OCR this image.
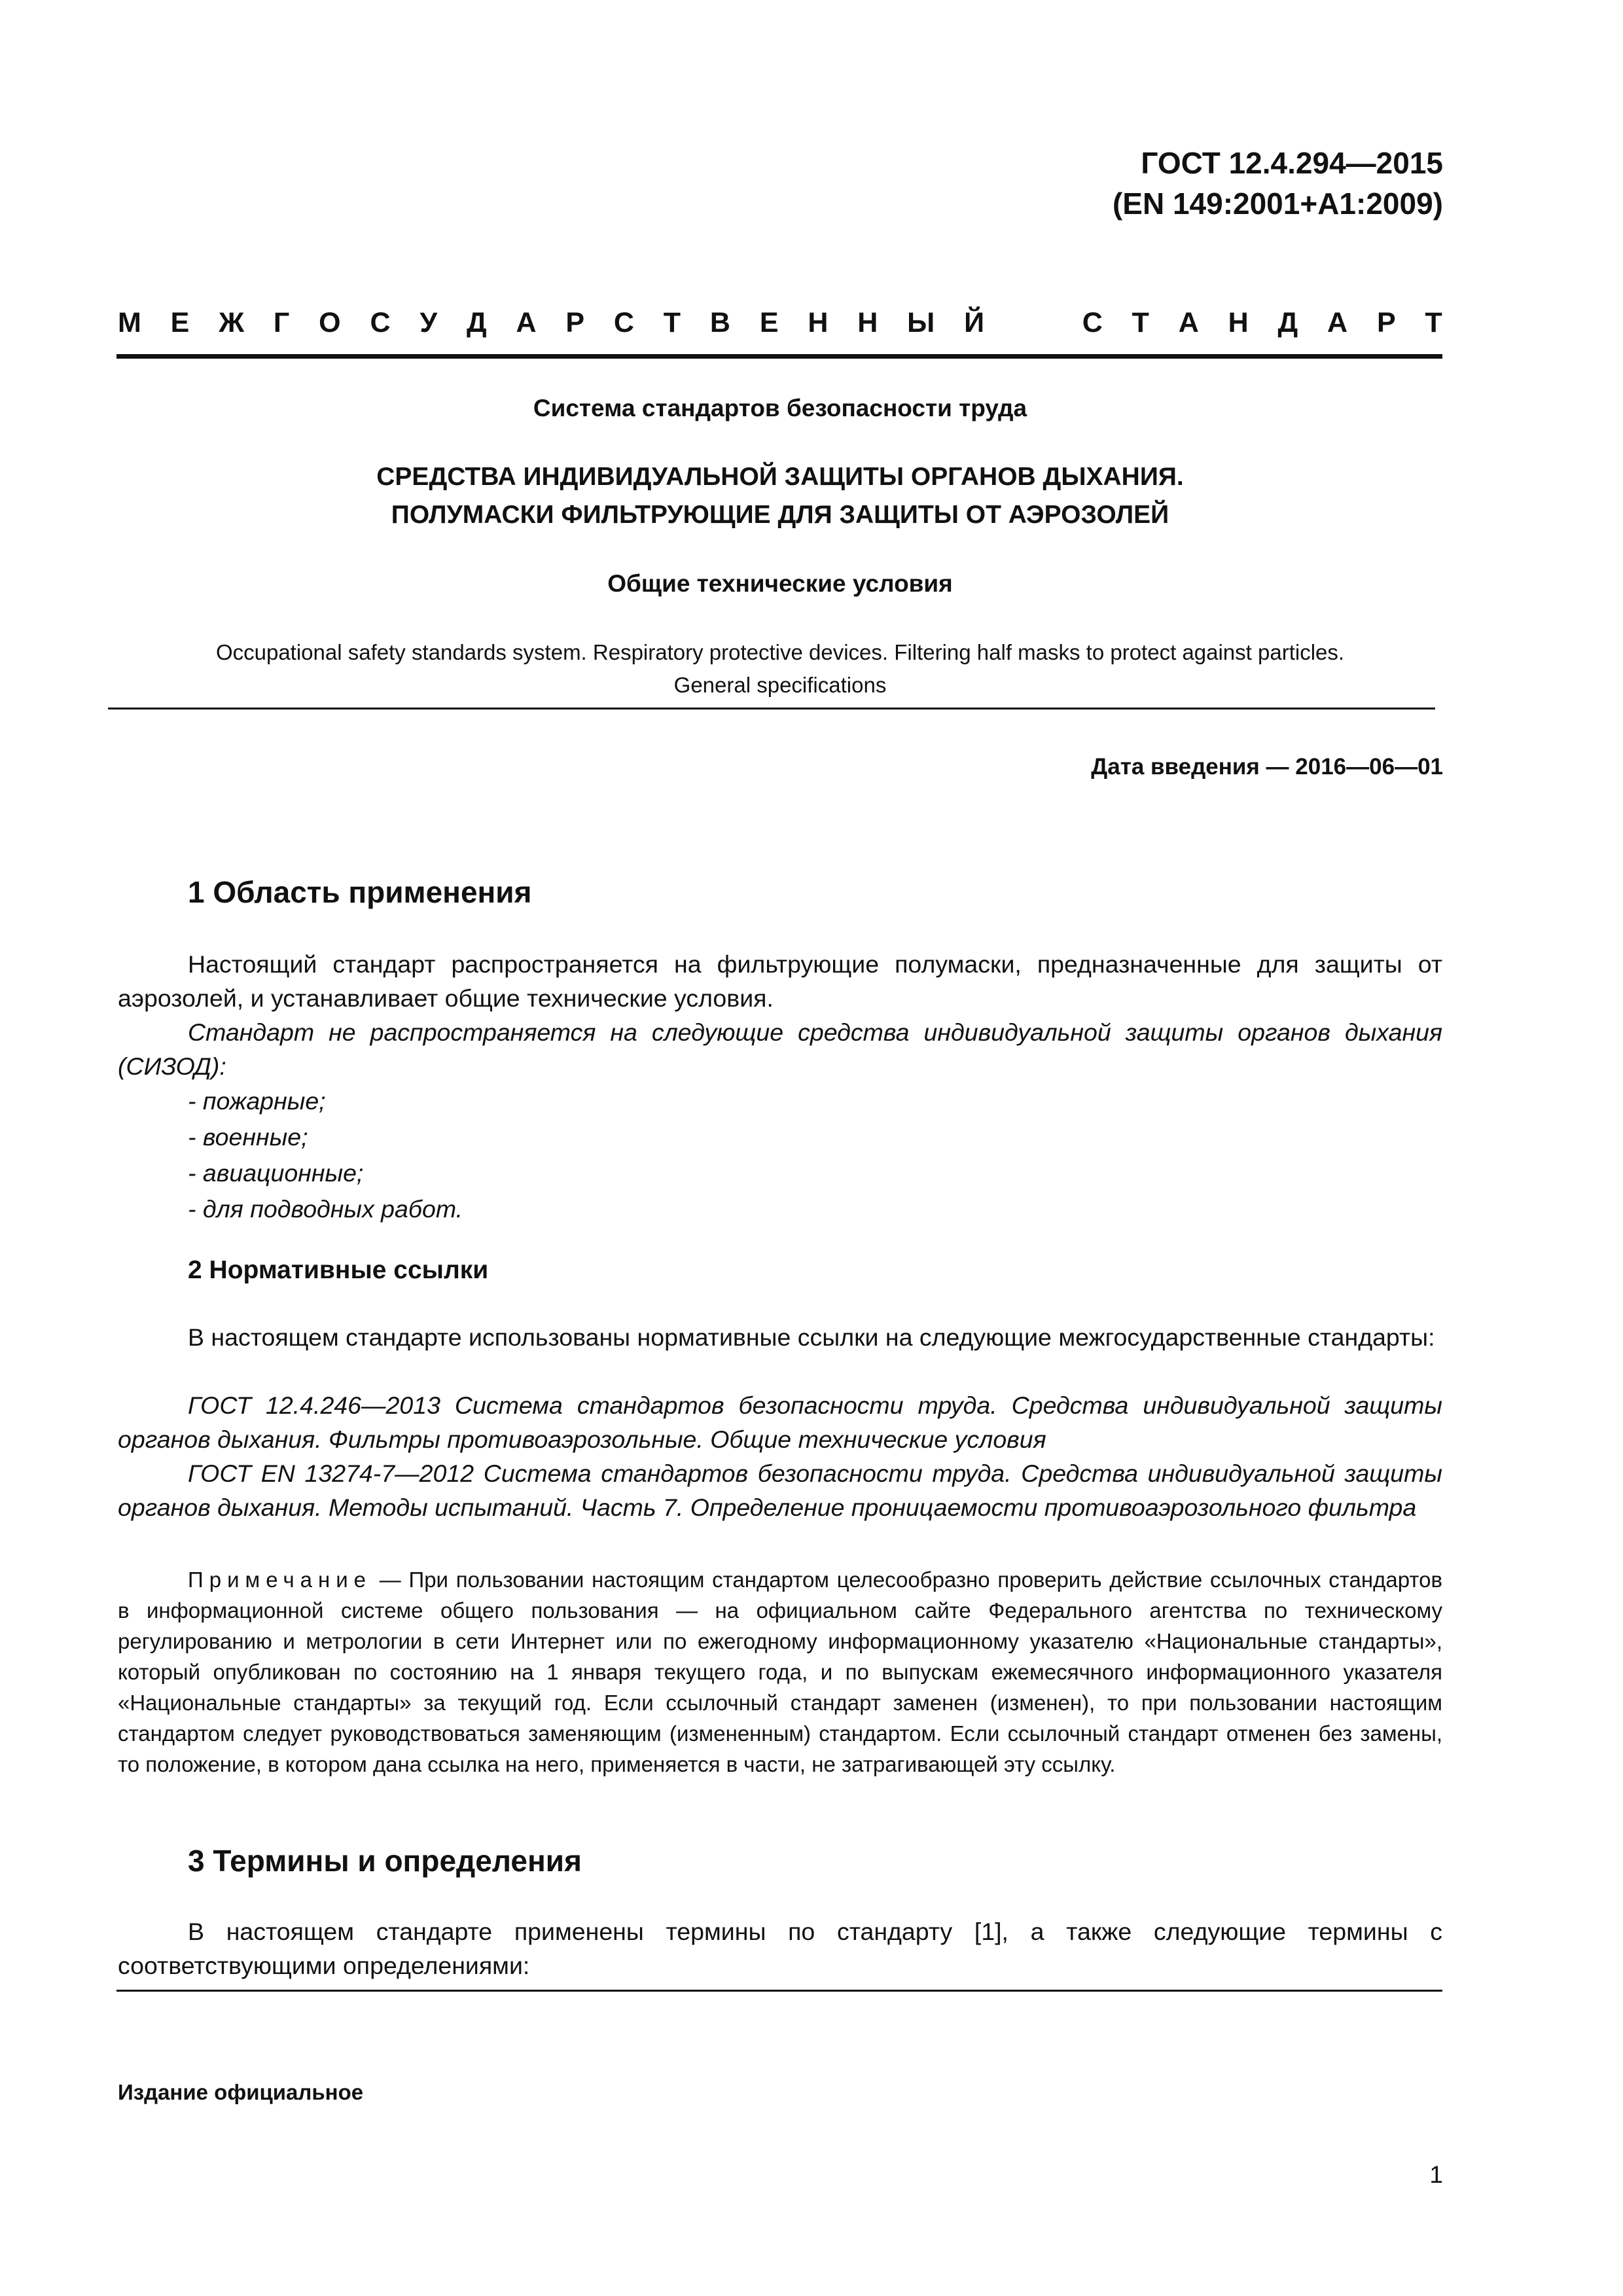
ГОСТ 12.4.294—2015
(EN 149:2001+A1:2009)
М Е Ж Г О С У Д А Р С Т В Е Н Н Ы Й	С Т А Н Д А Р Т
Система стандартов безопасности труда
СРЕДСТВА ИНДИВИДУАЛЬНОЙ ЗАЩИТЫ ОРГАНОВ ДЫХАНИЯ.
ПОЛУМАСКИ ФИЛЬТРУЮЩИЕ ДЛЯ ЗАЩИТЫ ОТ АЭРОЗОЛЕЙ
Общие технические условия
Occupational safety standards system. Respiratory protective devices. Filtering half masks to protect against particles.
General specifications
Дата введения — 2016—06—01
1 Область применения
Настоящий стандарт распространяется на фильтрующие полумаски, предназначенные для защиты от аэрозолей, и устанавливает общие технические условия.
Стандарт не распространяется на следующие средства индивидуальной защиты органов дыхания (СИЗОД):
- пожарные;
- военные;
- авиационные;
- для подводных работ.
2 Нормативные ссылки
В настоящем стандарте использованы нормативные ссылки на следующие межгосударственные стандарты:
ГОСТ 12.4.246—2013 Система стандартов безопасности труда. Средства индивидуальной защиты органов дыхания. Фильтры противоаэрозольные. Общие технические условия
ГОСТ EN 13274-7—2012 Система стандартов безопасности труда. Средства индивидуальной защиты органов дыхания. Методы испытаний. Часть 7. Определение проницаемости противоаэрозольного фильтра
Примечание — При пользовании настоящим стандартом целесообразно проверить действие ссылочных стандартов в информационной системе общего пользования — на официальном сайте Федерального агентства по техническому регулированию и метрологии в сети Интернет или по ежегодному информационному указателю «Национальные стандарты», который опубликован по состоянию на 1 января текущего года, и по выпускам ежемесячного информационного указателя «Национальные стандарты» за текущий год. Если ссылочный стандарт заменен (изменен), то при пользовании настоящим стандартом следует руководствоваться заменяющим (измененным) стандартом. Если ссылочный стандарт отменен без замены, то положение, в котором дана ссылка на него, применяется в части, не затрагивающей эту ссылку.
3 Термины и определения
В настоящем стандарте применены термины по стандарту [1], а также следующие термины с соответствующими определениями:
Издание официальное
1
